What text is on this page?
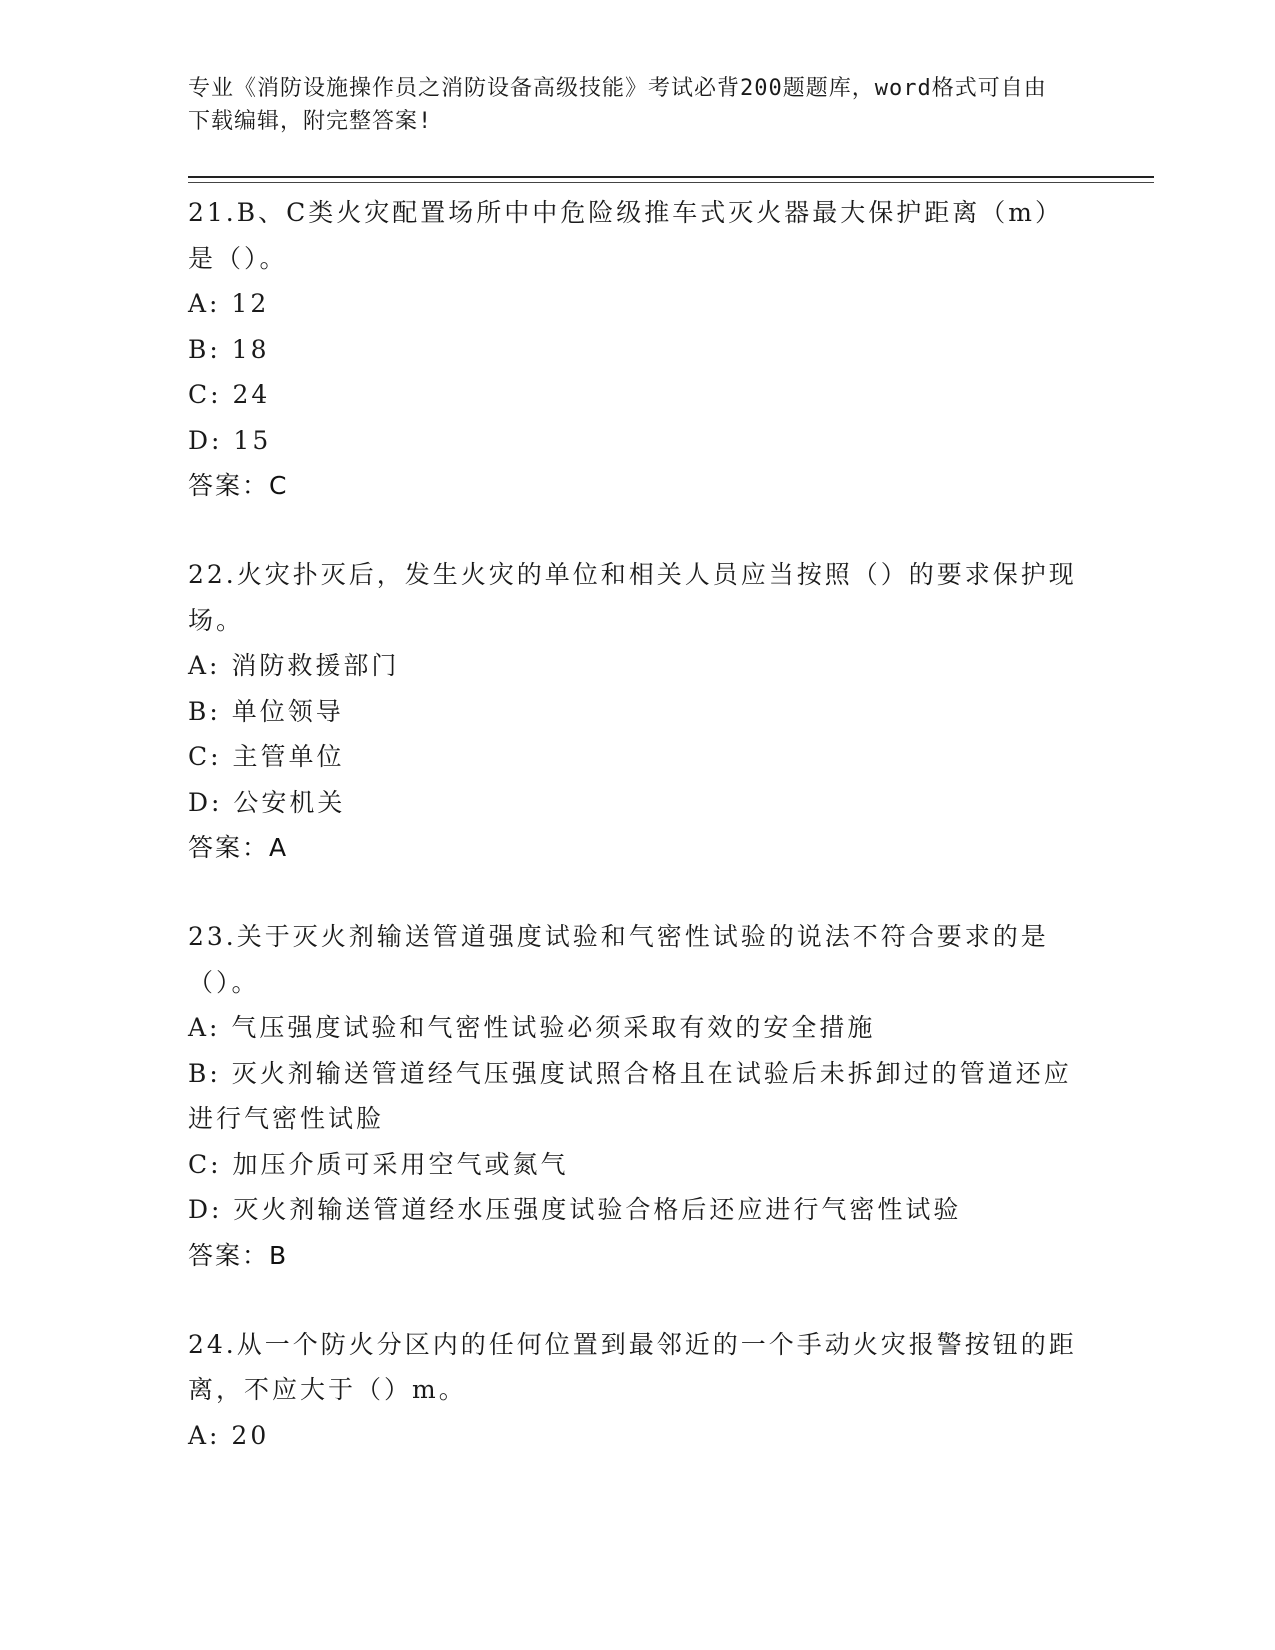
专业《消防设施操作员之消防设备高级技能》考试必背200题题库，word格式可自由下载编辑，附完整答案!

21.B、C类火灾配置场所中中危险级推车式灭火器最大保护距离（m）是（）。

A: 12

B: 18

C: 24

D: 15

答案：C

22.火灾扑灭后，发生火灾的单位和相关人员应当按照（）的要求保护现场。

A: 消防救援部门

B: 单位领导

C: 主管单位

D: 公安机关

答案：A

23.关于灭火剂输送管道强度试验和气密性试验的说法不符合要求的是（）。

A: 气压强度试验和气密性试验必须采取有效的安全措施

B: 灭火剂输送管道经气压强度试照合格且在试验后未拆卸过的管道还应进行气密性试脸

C: 加压介质可采用空气或氮气

D: 灭火剂输送管道经水压强度试验合格后还应进行气密性试验

答案：B

24.从一个防火分区内的任何位置到最邻近的一个手动火灾报警按钮的距离，不应大于（）m。

A: 20
